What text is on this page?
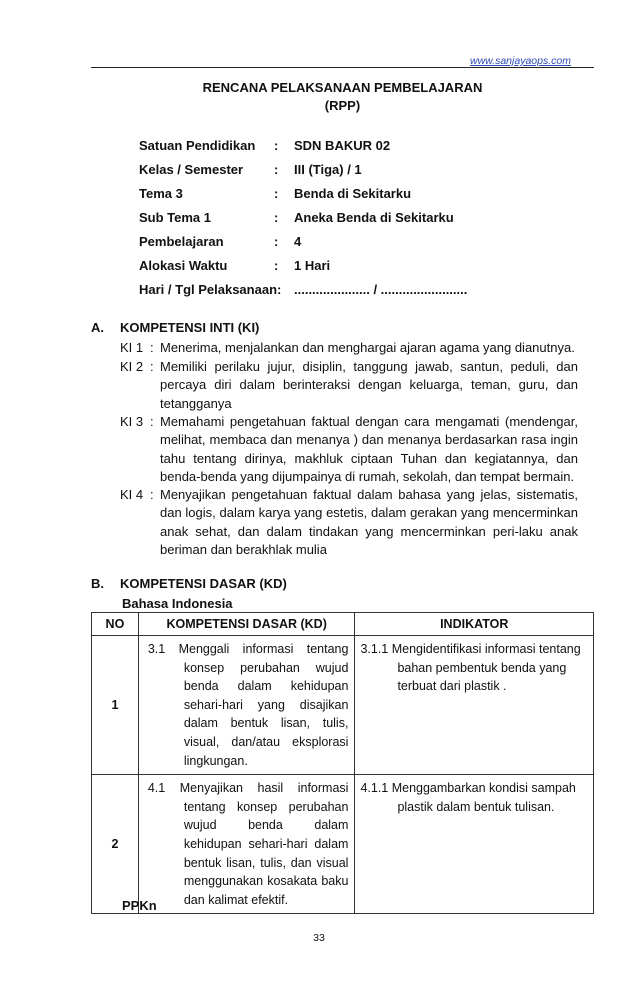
www.sanjayaops.com
RENCANA PELAKSANAAN PEMBELAJARAN
(RPP)
Satuan Pendidikan : SDN BAKUR 02
Kelas / Semester : III (Tiga) / 1
Tema 3	: Benda di Sekitarku
Sub Tema 1	: Aneka Benda di Sekitarku
Pembelajaran	: 4
Alokasi Waktu	: 1 Hari
Hari / Tgl Pelaksanaan: ..................... / ........................
A. KOMPETENSI INTI (KI)
KI 1 : Menerima, menjalankan dan menghargai ajaran agama yang dianutnya.
KI 2 : Memiliki perilaku jujur, disiplin, tanggung jawab, santun, peduli, dan percaya diri dalam berinteraksi dengan keluarga, teman, guru, dan tetangganya
KI 3 : Memahami pengetahuan faktual dengan cara mengamati (mendengar, melihat, membaca dan menanya ) dan menanya berdasarkan rasa ingin tahu tentang dirinya, makhluk ciptaan Tuhan dan kegiatannya, dan benda-benda yang dijumpainya di rumah, sekolah, dan tempat bermain.
KI 4 : Menyajikan pengetahuan faktual dalam bahasa yang jelas, sistematis, dan logis, dalam karya yang estetis, dalam gerakan yang mencerminkan anak sehat, dan dalam tindakan yang mencerminkan peri-laku anak beriman dan berakhlak mulia
B. KOMPETENSI DASAR (KD)
Bahasa Indonesia
NO	KOMPETENSI DASAR (KD)	INDIKATOR
1	3.1 Menggali informasi tentang konsep perubahan wujud benda dalam kehidupan sehari-hari yang disajikan dalam bentuk lisan, tulis, visual, dan/atau eksplorasi lingkungan.	3.1.1 Mengidentifikasi informasi tentang bahan pembentuk benda yang terbuat dari plastik .
2	4.1 Menyajikan hasil informasi tentang konsep perubahan wujud benda dalam kehidupan sehari-hari dalam bentuk lisan, tulis, dan visual menggunakan kosakata baku dan kalimat efektif.	4.1.1 Menggambarkan kondisi sampah plastik dalam bentuk tulisan.
PPKn
33
